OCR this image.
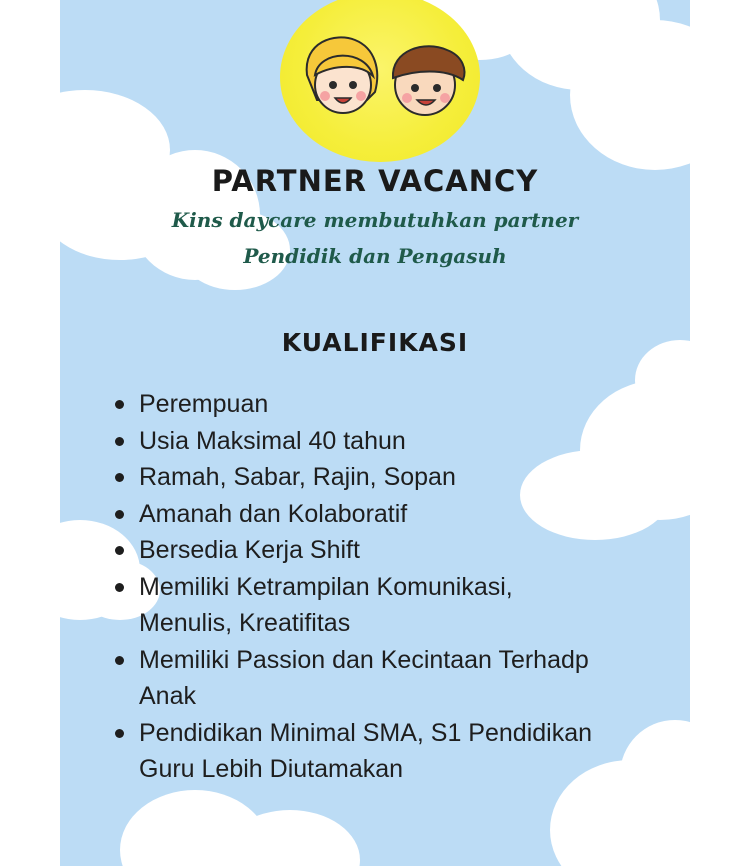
PARTNER VACANCY
Kins daycare membutuhkan partner
Pendidik dan Pengasuh
KUALIFIKASI
Perempuan
Usia Maksimal 40 tahun
Ramah, Sabar, Rajin, Sopan
Amanah dan Kolaboratif
Bersedia Kerja Shift
Memiliki Ketrampilan Komunikasi,
Menulis, Kreatifitas
Memiliki Passion dan Kecintaan Terhadp
Anak
Pendidikan Minimal SMA, S1 Pendidikan
Guru Lebih Diutamakan
